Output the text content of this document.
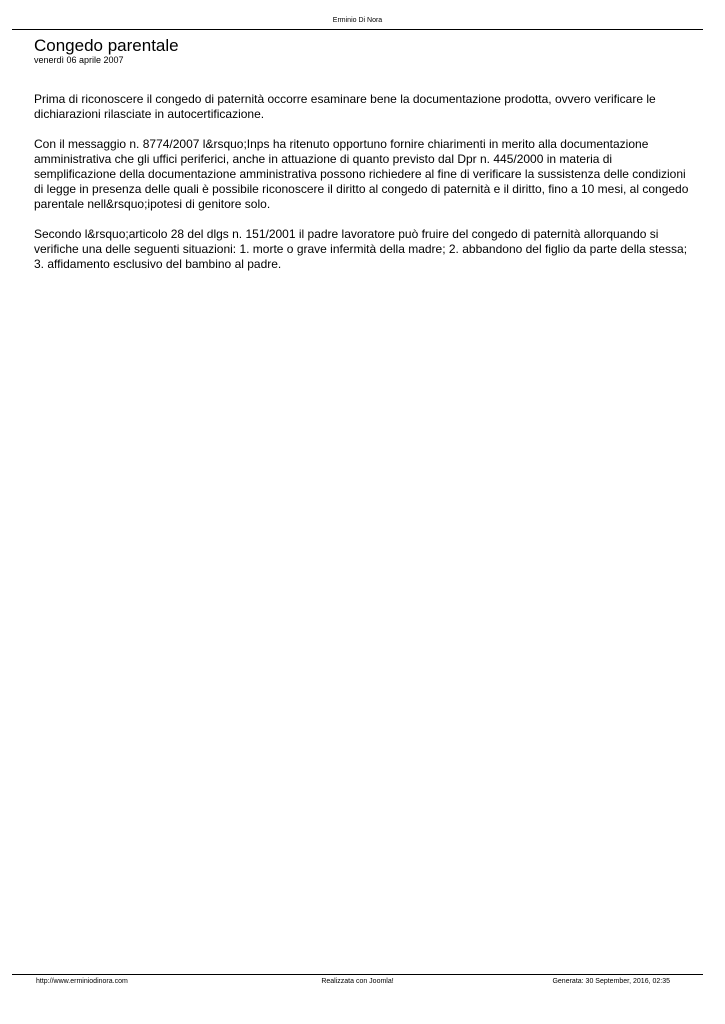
Erminio Di Nora
Congedo parentale
venerdì 06 aprile 2007

Prima di riconoscere il congedo di paternità occorre esaminare bene la documentazione prodotta, ovvero verificare le dichiarazioni rilasciate in autocertificazione.

Con il messaggio n. 8774/2007 l&rsquo;Inps ha ritenuto opportuno fornire chiarimenti in merito alla documentazione amministrativa che gli uffici periferici, anche in attuazione di quanto previsto dal Dpr n. 445/2000 in materia di semplificazione della documentazione amministrativa possono richiedere al fine di verificare la sussistenza delle condizioni di legge in presenza delle quali è possibile riconoscere il diritto al congedo di paternità e il diritto, fino a 10 mesi, al congedo parentale nell&rsquo;ipotesi di genitore solo.

Secondo l&rsquo;articolo 28 del dlgs n. 151/2001 il padre lavoratore può fruire del congedo di paternità allorquando si verifiche una delle seguenti situazioni: 1. morte o grave infermità della madre; 2. abbandono del figlio da parte della stessa; 3. affidamento esclusivo del bambino al padre.

http://www.erminiodinora.com	Realizzata con Joomla!	Generata: 30 September, 2016, 02:35
